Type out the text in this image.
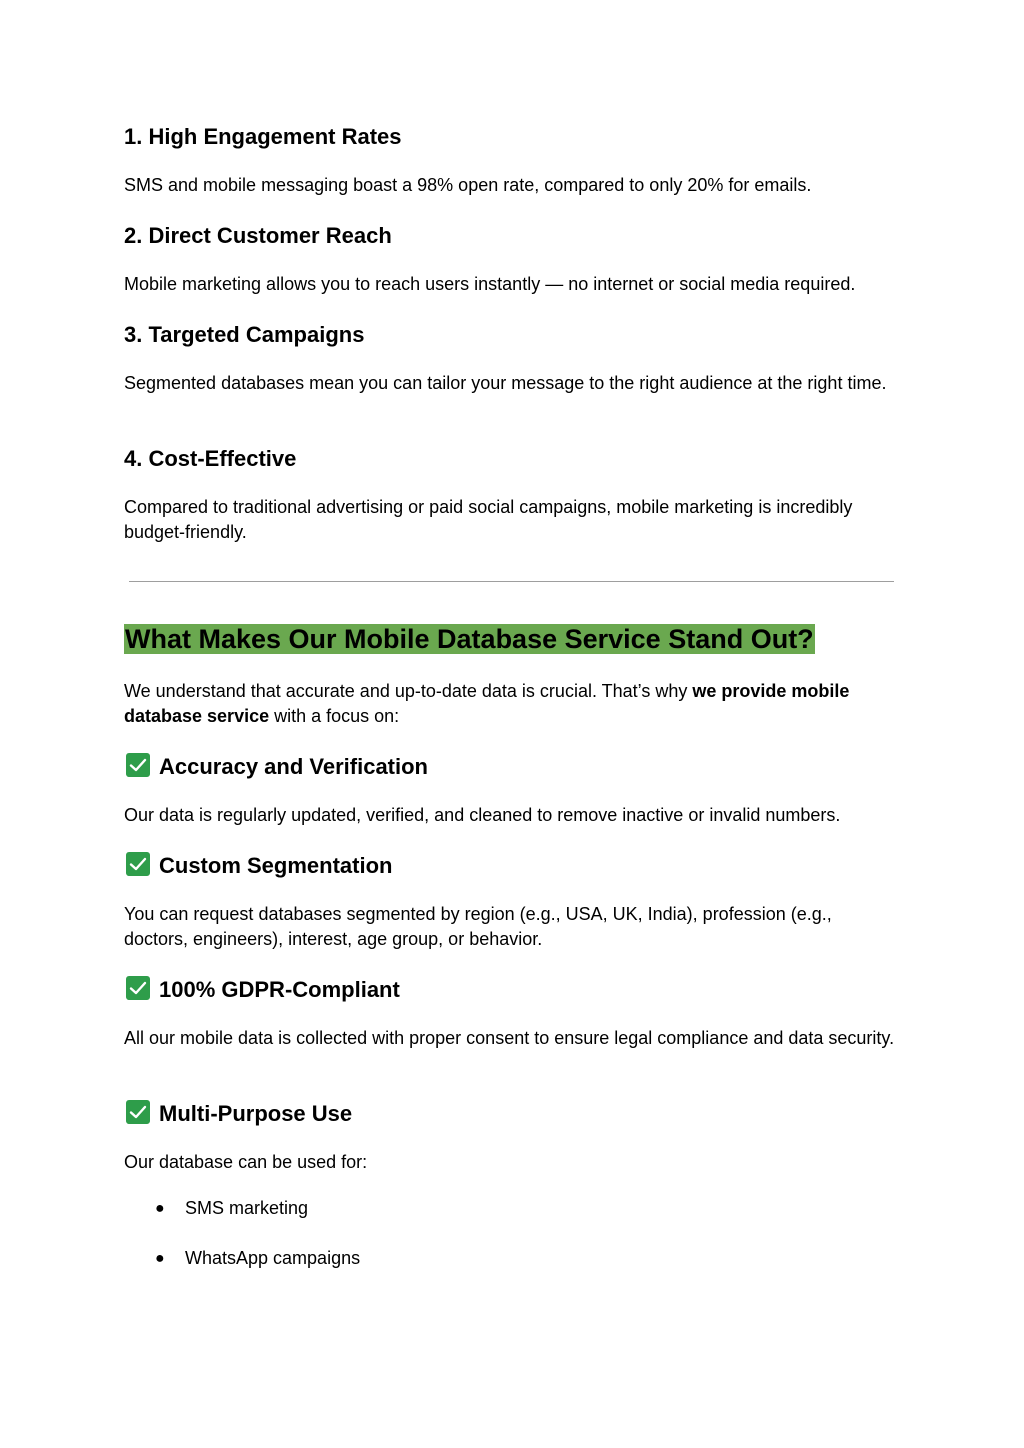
1. High Engagement Rates

SMS and mobile messaging boast a 98% open rate, compared to only 20% for emails.

2. Direct Customer Reach

Mobile marketing allows you to reach users instantly — no internet or social media required.

3. Targeted Campaigns

Segmented databases mean you can tailor your message to the right audience at the right time.

4. Cost-Effective

Compared to traditional advertising or paid social campaigns, mobile marketing is incredibly budget-friendly.

What Makes Our Mobile Database Service Stand Out?

We understand that accurate and up-to-date data is crucial. That’s why we provide mobile database service with a focus on:

Accuracy and Verification

Our data is regularly updated, verified, and cleaned to remove inactive or invalid numbers.

Custom Segmentation

You can request databases segmented by region (e.g., USA, UK, India), profession (e.g., doctors, engineers), interest, age group, or behavior.

100% GDPR-Compliant

All our mobile data is collected with proper consent to ensure legal compliance and data security.

Multi-Purpose Use

Our database can be used for:

● SMS marketing
● WhatsApp campaigns
